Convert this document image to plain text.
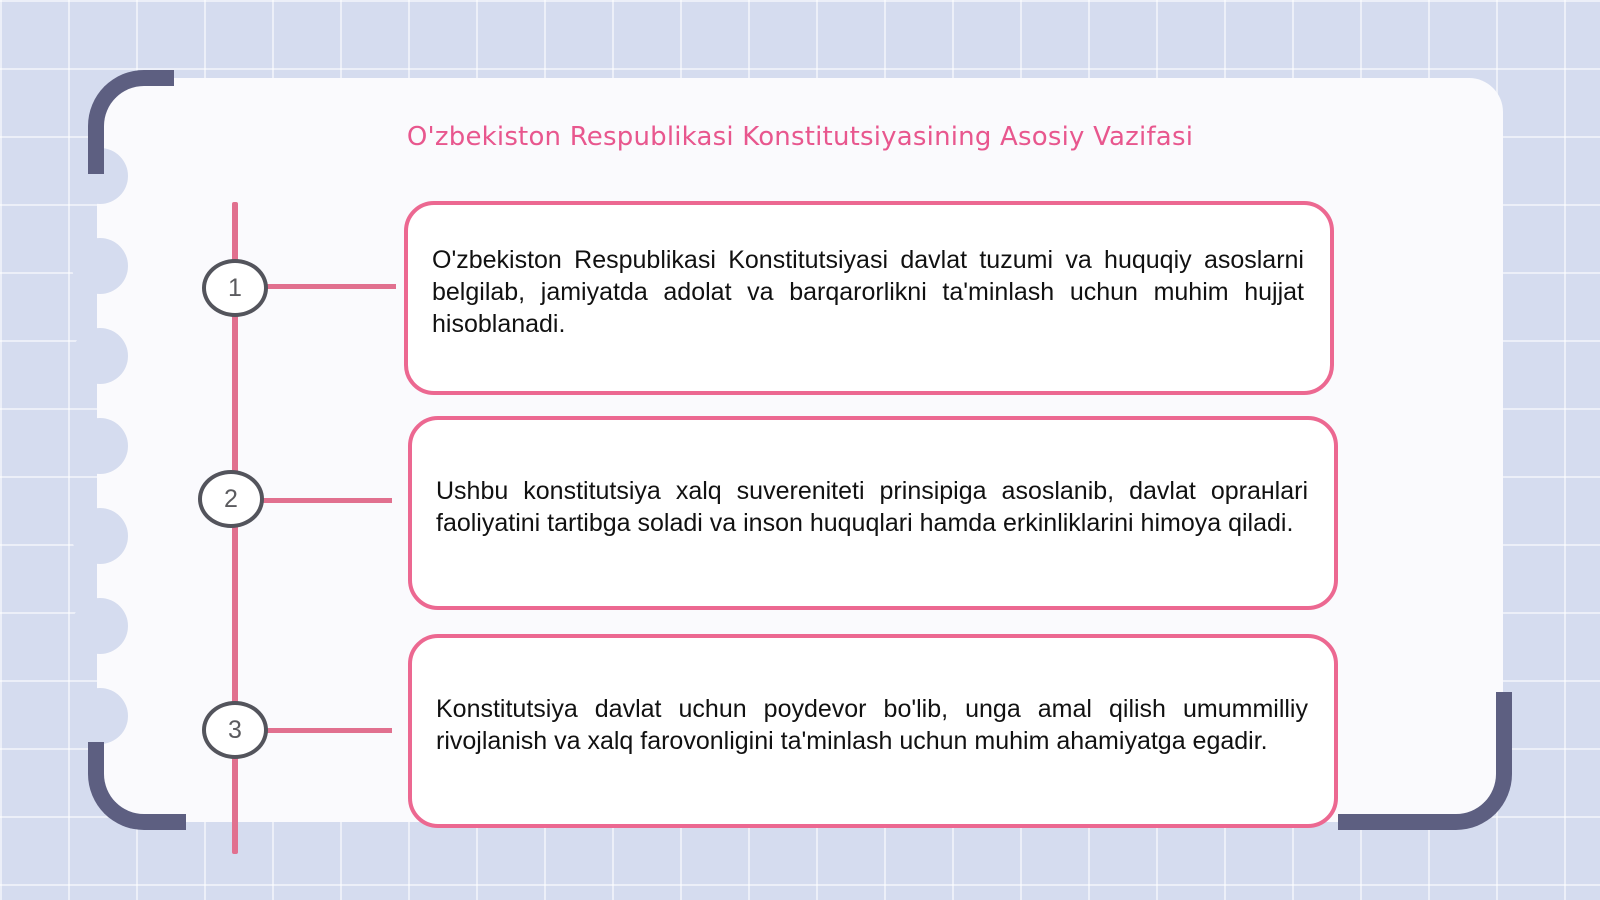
O'zbekiston Respublikasi Konstitutsiyasining Asosiy Vazifasi
1

O'zbekiston Respublikasi Konstitutsiyasi davlat tuzumi va huquqiy asoslarni belgilab, jamiyatda adolat va barqarorlikni ta'minlash uchun muhim hujjat hisoblanadi.

2	Ushbu konstitutsiya xalq suvereniteti prinsipiga asoslanib, davlat opraнlari faoliyatini tartibga soladi va inson huquqlari hamda erkinliklarini himoya qiladi.

3

Konstitutsiya davlat uchun poydevor bo'lib, unga amal qilish umummilliy rivojlanish va xalq farovonligini ta'minlash uchun muhim ahamiyatga egadir.
